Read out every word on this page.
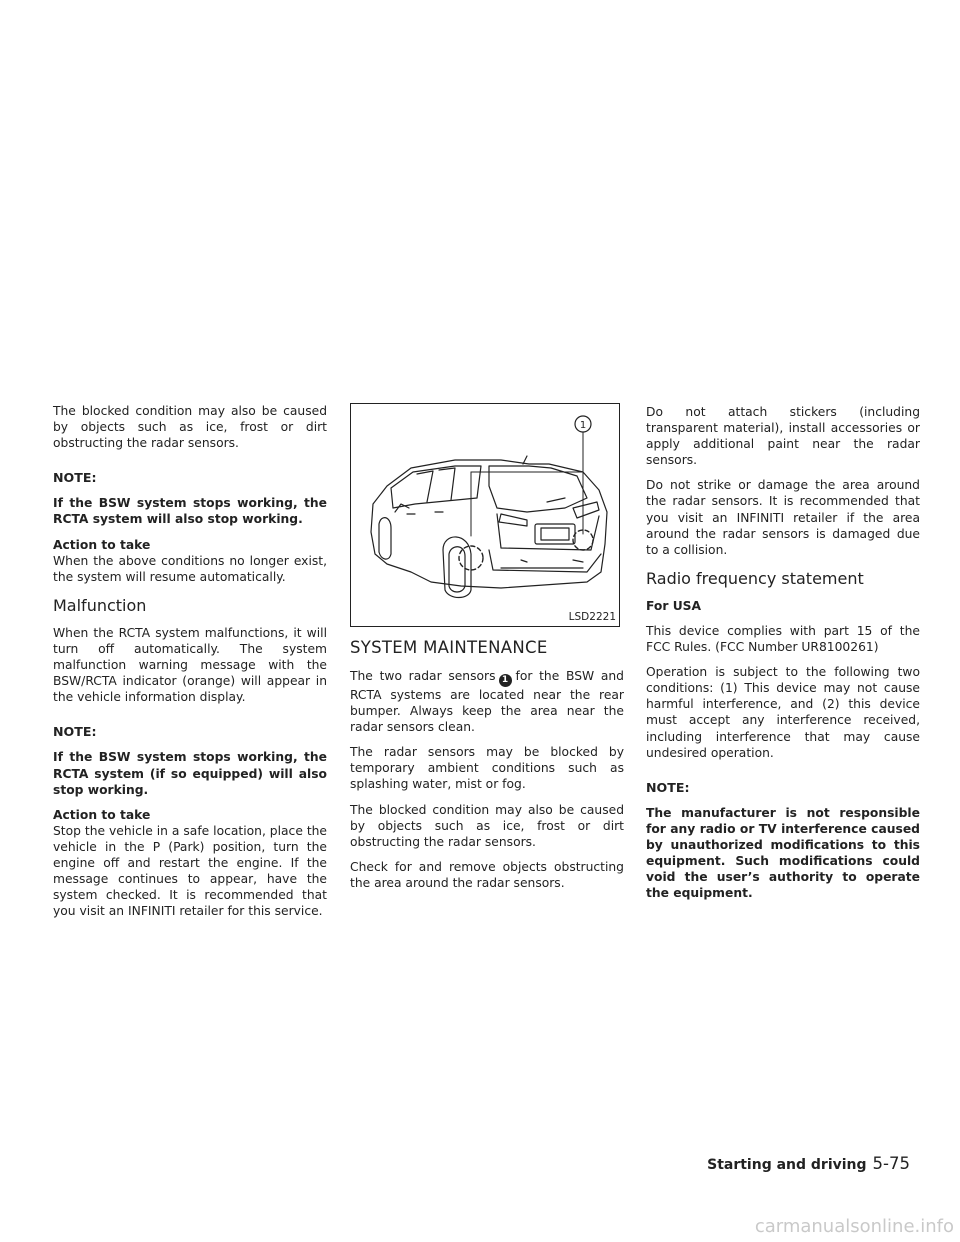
The blocked condition may also be caused by objects such as ice, frost or dirt obstructing the radar sensors.

NOTE:

If the BSW system stops working, the RCTA system will also stop working.

Action to take

When the above conditions no longer exist, the system will resume automatically.

Malfunction

When the RCTA system malfunctions, it will turn off automatically. The system malfunction warning message with the BSW/RCTA indicator (orange) will appear in the vehicle information display.

NOTE:

If the BSW system stops working, the RCTA system (if so equipped) will also stop working.

Action to take

Stop the vehicle in a safe location, place the vehicle in the P (Park) position, turn the engine off and restart the engine. If the message continues to appear, have the system checked. It is recommended that you visit an INFINITI retailer for this service.

1
LSD2221
SYSTEM MAINTENANCE

The two radar sensors 1 for the BSW and RCTA systems are located near the rear bumper. Always keep the area near the radar sensors clean.

The radar sensors may be blocked by temporary ambient conditions such as splashing water, mist or fog.

The blocked condition may also be caused by objects such as ice, frost or dirt obstructing the radar sensors.

Check for and remove objects obstructing the area around the radar sensors.

Do not attach stickers (including transparent material), install accessories or apply additional paint near the radar sensors.

Do not strike or damage the area around the radar sensors. It is recommended that you visit an INFINITI retailer if the area around the radar sensors is damaged due to a collision.

Radio frequency statement

For USA

This device complies with part 15 of the FCC Rules. (FCC Number UR8100261)

Operation is subject to the following two conditions: (1) This device may not cause harmful interference, and (2) this device must accept any interference received, including interference that may cause undesired operation.

NOTE:

The manufacturer is not responsible for any radio or TV interference caused by unauthorized modifications to this equipment. Such modifications could void the user’s authority to operate the equipment.

Starting and driving 5-75
carmanualsonline.info
